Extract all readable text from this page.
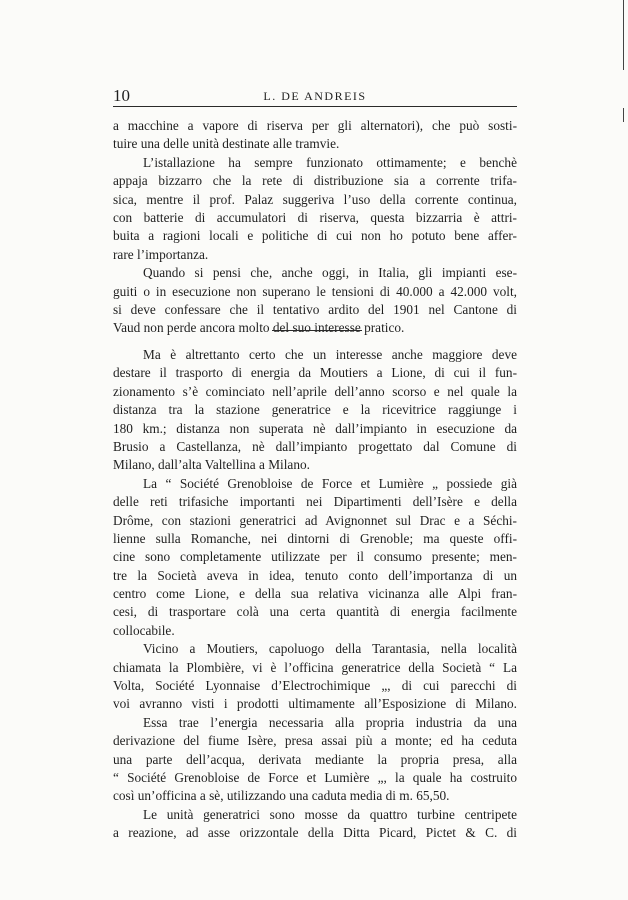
10	L. DE ANDREIS
a macchine a vapore di riserva per gli alternatori), che può sosti-
tuire una delle unità destinate alle tramvie.
L’istallazione ha sempre funzionato ottimamente; e benchè
appaja bizzarro che la rete di distribuzione sia a corrente trifa-
sica, mentre il prof. Palaz suggeriva l’uso della corrente continua,
con batterie di accumulatori di riserva, questa bizzarria è attri-
buita a ragioni locali e politiche di cui non ho potuto bene affer-
rare l’importanza.
Quando si pensi che, anche oggi, in Italia, gli impianti ese-
guiti o in esecuzione non superano le tensioni di 40.000 a 42.000 volt,
si deve confessare che il tentativo ardito del 1901 nel Cantone di
Vaud non perde ancora molto del suo interesse pratico.
Ma è altrettanto certo che un interesse anche maggiore deve
destare il trasporto di energia da Moutiers a Lione, di cui il fun-
zionamento s’è cominciato nell’aprile dell’anno scorso e nel quale la
distanza tra la stazione generatrice e la ricevitrice raggiunge i
180 km.; distanza non superata nè dall’impianto in esecuzione da
Brusio a Castellanza, nè dall’impianto progettato dal Comune di
Milano, dall’alta Valtellina a Milano.
La “ Société Grenobloise de Force et Lumière „ possiede già
delle reti trifasiche importanti nei Dipartimenti dell’Isère e della
Drôme, con stazioni generatrici ad Avignonnet sul Drac e a Séchi-
lienne sulla Romanche, nei dintorni di Grenoble; ma queste offi-
cine sono completamente utilizzate per il consumo presente; men-
tre la Società aveva in idea, tenuto conto dell’importanza di un
centro come Lione, e della sua relativa vicinanza alle Alpi fran-
cesi, di trasportare colà una certa quantità di energia facilmente
collocabile.
Vicino a Moutiers, capoluogo della Tarantasia, nella località
chiamata la Plombière, vi è l’officina generatrice della Società “ La
Volta, Société Lyonnaise d’Electrochimique „, di cui parecchi di
voi avranno visti i prodotti ultimamente all’Esposizione di Milano.
Essa trae l’energia necessaria alla propria industria da una
derivazione del fiume Isère, presa assai più a monte; ed ha ceduta
una parte dell’acqua, derivata mediante la propria presa, alla
“ Société Grenobloise de Force et Lumière „, la quale ha costruito
così un’officina a sè, utilizzando una caduta media di m. 65,50.
Le unità generatrici sono mosse da quattro turbine centripete
a reazione, ad asse orizzontale della Ditta Picard, Pictet & C. di
